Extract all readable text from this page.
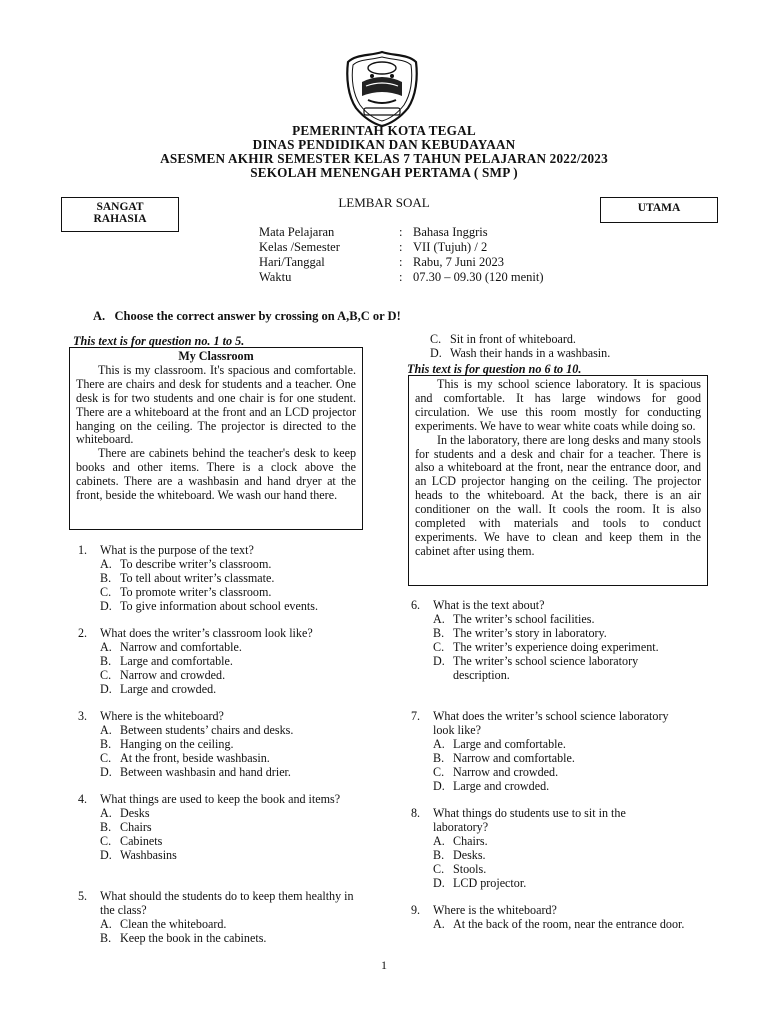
PEMERINTAH KOTA TEGAL
DINAS PENDIDIKAN DAN KEBUDAYAAN
ASESMEN AKHIR SEMESTER KELAS 7 TAHUN PELAJARAN 2022/2023
SEKOLAH MENENGAH PERTAMA ( SMP )
SANGAT
RAHASIA
UTAMA
LEMBAR SOAL
Mata Pelajaran	: Bahasa Inggris
Kelas /Semester	: VII (Tujuh) / 2
Hari/Tanggal	: Rabu, 7 Juni 2023
Waktu	: 07.30 – 09.30 (120 menit)
A.   Choose the correct answer by crossing on A,B,C or D!
This text is for question no. 1 to 5.

My Classroom

This is my classroom. It's spacious and comfortable. There are chairs and desk for students and a teacher. One desk is for two students and one chair is for one student. There are a whiteboard at the front and an LCD projector hanging on the ceiling. The projector is directed to the whiteboard.

There are cabinets behind the teacher's desk to keep books and other items. There is a clock above the cabinets. There are a washbasin and hand dryer at the front, beside the whiteboard. We wash our hand there.

1. What is the purpose of the text?
A. To describe writer’s classroom.
B. To tell about writer’s classmate.
C. To promote writer’s classroom.
D. To give information about school events.
2. What does the writer’s classroom look like?
A. Narrow and comfortable.
B. Large and comfortable.
C. Narrow and crowded.
D. Large and crowded.
3. Where is the whiteboard?
A. Between students’ chairs and desks.
B. Hanging on the ceiling.
C. At the front, beside washbasin.
D. Between washbasin and hand drier.
4. What things are used to keep the book and items?
A. Desks
B. Chairs
C. Cabinets
D. Washbasins
5. What should the students do to keep them healthy in the class?
A. Clean the whiteboard.
B. Keep the book in the cabinets.
C. Sit in front of whiteboard.
D. Wash their hands in a washbasin.
This text is for question no 6 to 10.

This is my school science laboratory. It is spacious and comfortable. It has large windows for good circulation. We use this room mostly for conducting experiments. We have to wear white coats while doing so.

In the laboratory, there are long desks and many stools for students and a desk and chair for a teacher. There is also a whiteboard at the front, near the entrance door, and an LCD projector hanging on the ceiling. The projector heads to the whiteboard. At the back, there is an air conditioner on the wall. It cools the room. It is also completed with materials and tools to conduct experiments. We have to clean and keep them in the cabinet after using them.

6. What is the text about?
A. The writer’s school facilities.
B. The writer’s story in laboratory.
C. The writer’s experience doing experiment.
D. The writer’s school science laboratory description.
7. What does the writer’s school science laboratory look like?
A. Large and comfortable.
B. Narrow and comfortable.
C. Narrow and crowded.
D. Large and crowded.
8. What things do students use to sit in the laboratory?
A. Chairs.
B. Desks.
C. Stools.
D. LCD projector.
9. Where is the whiteboard?
A. At the back of the room, near the entrance door.
1
